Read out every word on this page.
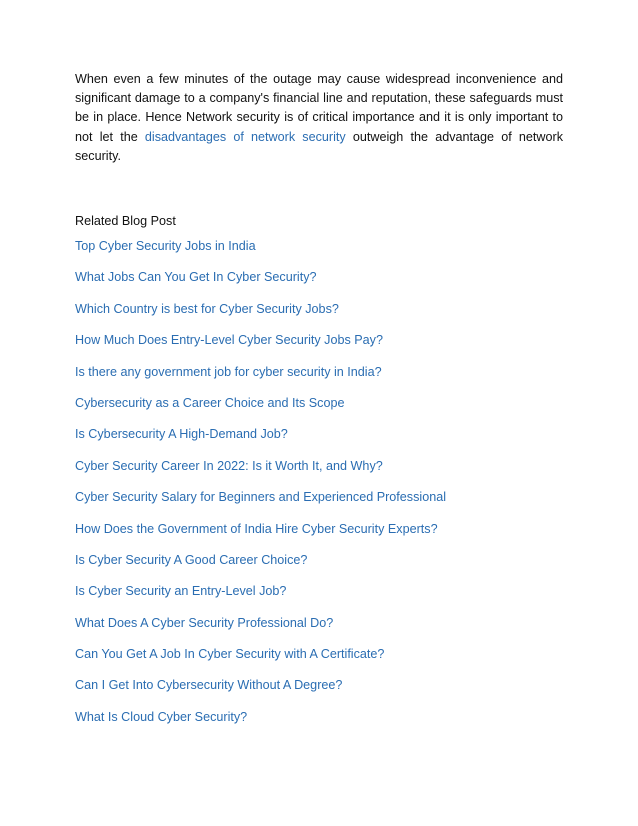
When even a few minutes of the outage may cause widespread inconvenience and significant damage to a company's financial line and reputation, these safeguards must be in place. Hence Network security is of critical importance and it is only important to not let the disadvantages of network security outweigh the advantage of network security.

Related Blog Post
Top Cyber Security Jobs in India
What Jobs Can You Get In Cyber Security?
Which Country is best for Cyber Security Jobs?
How Much Does Entry-Level Cyber Security Jobs Pay?
Is there any government job for cyber security in India?
Cybersecurity as a Career Choice and Its Scope
Is Cybersecurity A High-Demand Job?
Cyber Security Career In 2022: Is it Worth It, and Why?
Cyber Security Salary for Beginners and Experienced Professional
How Does the Government of India Hire Cyber Security Experts?
Is Cyber Security A Good Career Choice?
Is Cyber Security an Entry-Level Job?
What Does A Cyber Security Professional Do?
Can You Get A Job In Cyber Security with A Certificate?
Can I Get Into Cybersecurity Without A Degree?
What Is Cloud Cyber Security?
